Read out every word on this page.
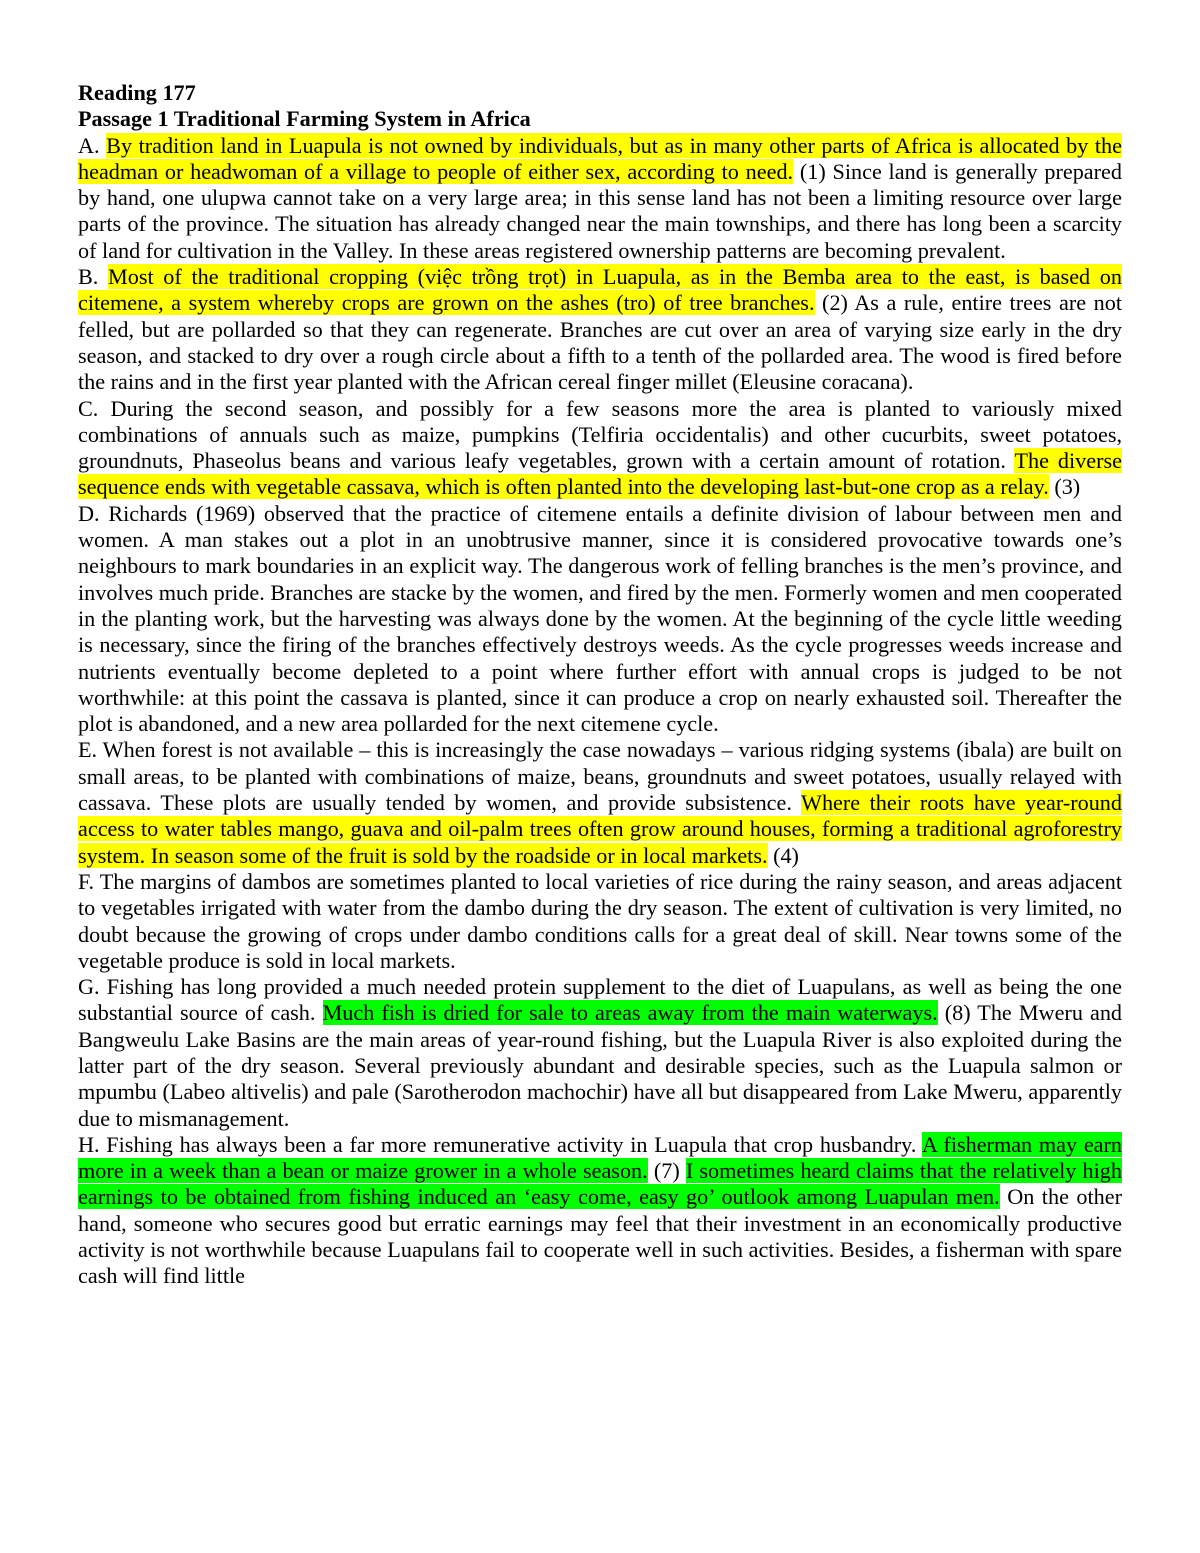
Reading 177
Passage 1 Traditional Farming System in Africa

A. By tradition land in Luapula is not owned by individuals, but as in many other parts of Africa is allocated by the headman or headwoman of a village to people of either sex, according to need. (1) Since land is generally prepared by hand, one ulupwa cannot take on a very large area; in this sense land has not been a limiting resource over large parts of the province. The situation has already changed near the main townships, and there has long been a scarcity of land for cultivation in the Valley. In these areas registered ownership patterns are becoming prevalent.

B. Most of the traditional cropping (việc trồng trọt) in Luapula, as in the Bemba area to the east, is based on citemene, a system whereby crops are grown on the ashes (tro) of tree branches. (2) As a rule, entire trees are not felled, but are pollarded so that they can regenerate. Branches are cut over an area of varying size early in the dry season, and stacked to dry over a rough circle about a fifth to a tenth of the pollarded area. The wood is fired before the rains and in the first year planted with the African cereal finger millet (Eleusine coracana).

C. During the second season, and possibly for a few seasons more the area is planted to variously mixed combinations of annuals such as maize, pumpkins (Telfiria occidentalis) and other cucurbits, sweet potatoes, groundnuts, Phaseolus beans and various leafy vegetables, grown with a certain amount of rotation. The diverse sequence ends with vegetable cassava, which is often planted into the developing last-but-one crop as a relay. (3)

D. Richards (1969) observed that the practice of citemene entails a definite division of labour between men and women. A man stakes out a plot in an unobtrusive manner, since it is considered provocative towards one’s neighbours to mark boundaries in an explicit way. The dangerous work of felling branches is the men’s province, and involves much pride. Branches are stacke by the women, and fired by the men. Formerly women and men cooperated in the planting work, but the harvesting was always done by the women. At the beginning of the cycle little weeding is necessary, since the firing of the branches effectively destroys weeds. As the cycle progresses weeds increase and nutrients eventually become depleted to a point where further effort with annual crops is judged to be not worthwhile: at this point the cassava is planted, since it can produce a crop on nearly exhausted soil. Thereafter the plot is abandoned, and a new area pollarded for the next citemene cycle.

E. When forest is not available – this is increasingly the case nowadays – various ridging systems (ibala) are built on small areas, to be planted with combinations of maize, beans, groundnuts and sweet potatoes, usually relayed with cassava. These plots are usually tended by women, and provide subsistence. Where their roots have year-round access to water tables mango, guava and oil-palm trees often grow around houses, forming a traditional agroforestry system. In season some of the fruit is sold by the roadside or in local markets. (4)

F. The margins of dambos are sometimes planted to local varieties of rice during the rainy season, and areas adjacent to vegetables irrigated with water from the dambo during the dry season. The extent of cultivation is very limited, no doubt because the growing of crops under dambo conditions calls for a great deal of skill. Near towns some of the vegetable produce is sold in local markets.

G. Fishing has long provided a much needed protein supplement to the diet of Luapulans, as well as being the one substantial source of cash. Much fish is dried for sale to areas away from the main waterways. (8) The Mweru and Bangweulu Lake Basins are the main areas of year-round fishing, but the Luapula River is also exploited during the latter part of the dry season. Several previously abundant and desirable species, such as the Luapula salmon or mpumbu (Labeo altivelis) and pale (Sarotherodon machochir) have all but disappeared from Lake Mweru, apparently due to mismanagement.

H. Fishing has always been a far more remunerative activity in Luapula that crop husbandry. A fisherman may earn more in a week than a bean or maize grower in a whole season. (7) I sometimes heard claims that the relatively high earnings to be obtained from fishing induced an ‘easy come, easy go’ outlook among Luapulan men. On the other hand, someone who secures good but erratic earnings may feel that their investment in an economically productive activity is not worthwhile because Luapulans fail to cooperate well in such activities. Besides, a fisherman with spare cash will find little
